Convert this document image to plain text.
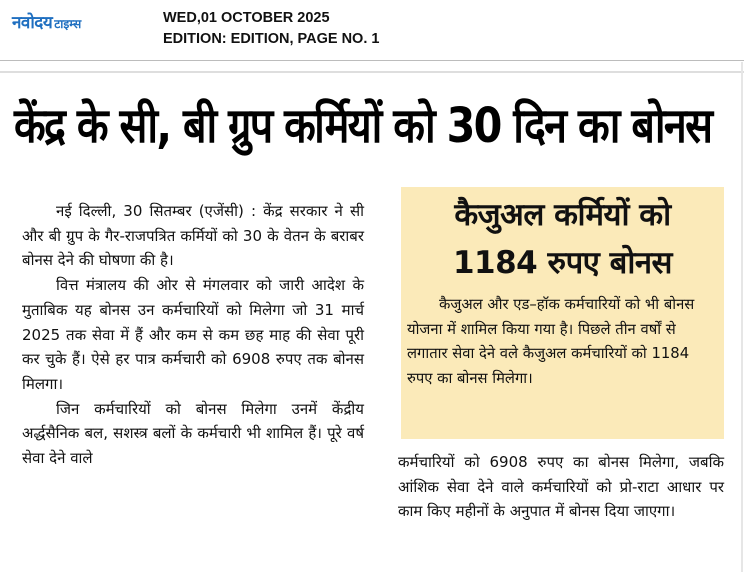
नवोदय टाइम्स	WED,01 OCTOBER 2025
EDITION: EDITION, PAGE NO. 1
केंद्र के सी, बी ग्रुप कर्मियों को 30 दिन का बोनस

नई दिल्ली, 30 सितम्बर (एजेंसी) : केंद्र सरकार ने सी और बी ग्रुप के गैर-राजपत्रित कर्मियों को 30 के वेतन के बराबर बोनस देने की घोषणा की है।

वित्त मंत्रालय की ओर से मंगलवार को जारी आदेश के मुताबिक यह बोनस उन कर्मचारियों को मिलेगा जो 31 मार्च 2025 तक सेवा में हैं और कम से कम छह माह की सेवा पूरी कर चुके हैं। ऐसे हर पात्र कर्मचारी को 6908 रुपए तक बोनस मिलगा।

जिन कर्मचारियों को बोनस मिलेगा उनमें केंद्रीय अर्द्धसैनिक बल, सशस्त्र बलों के कर्मचारी भी शामिल हैं। पूरे वर्ष सेवा देने वाले

कैजुअल कर्मियों को
1184 रुपए बोनस

कैजुअल और एड–हॉक कर्मचारियों को भी बोनस योजना में शामिल किया गया है। पिछले तीन वर्षों से लगातार सेवा देने वले कैजुअल कर्मचारियों को 1184 रुपए का बोनस मिलेगा।

कर्मचारियों को 6908 रुपए का बोनस मिलेगा, जबकि आंशिक सेवा देने वाले कर्मचारियों को प्रो-राटा आधार पर काम किए महीनों के अनुपात में बोनस दिया जाएगा।
